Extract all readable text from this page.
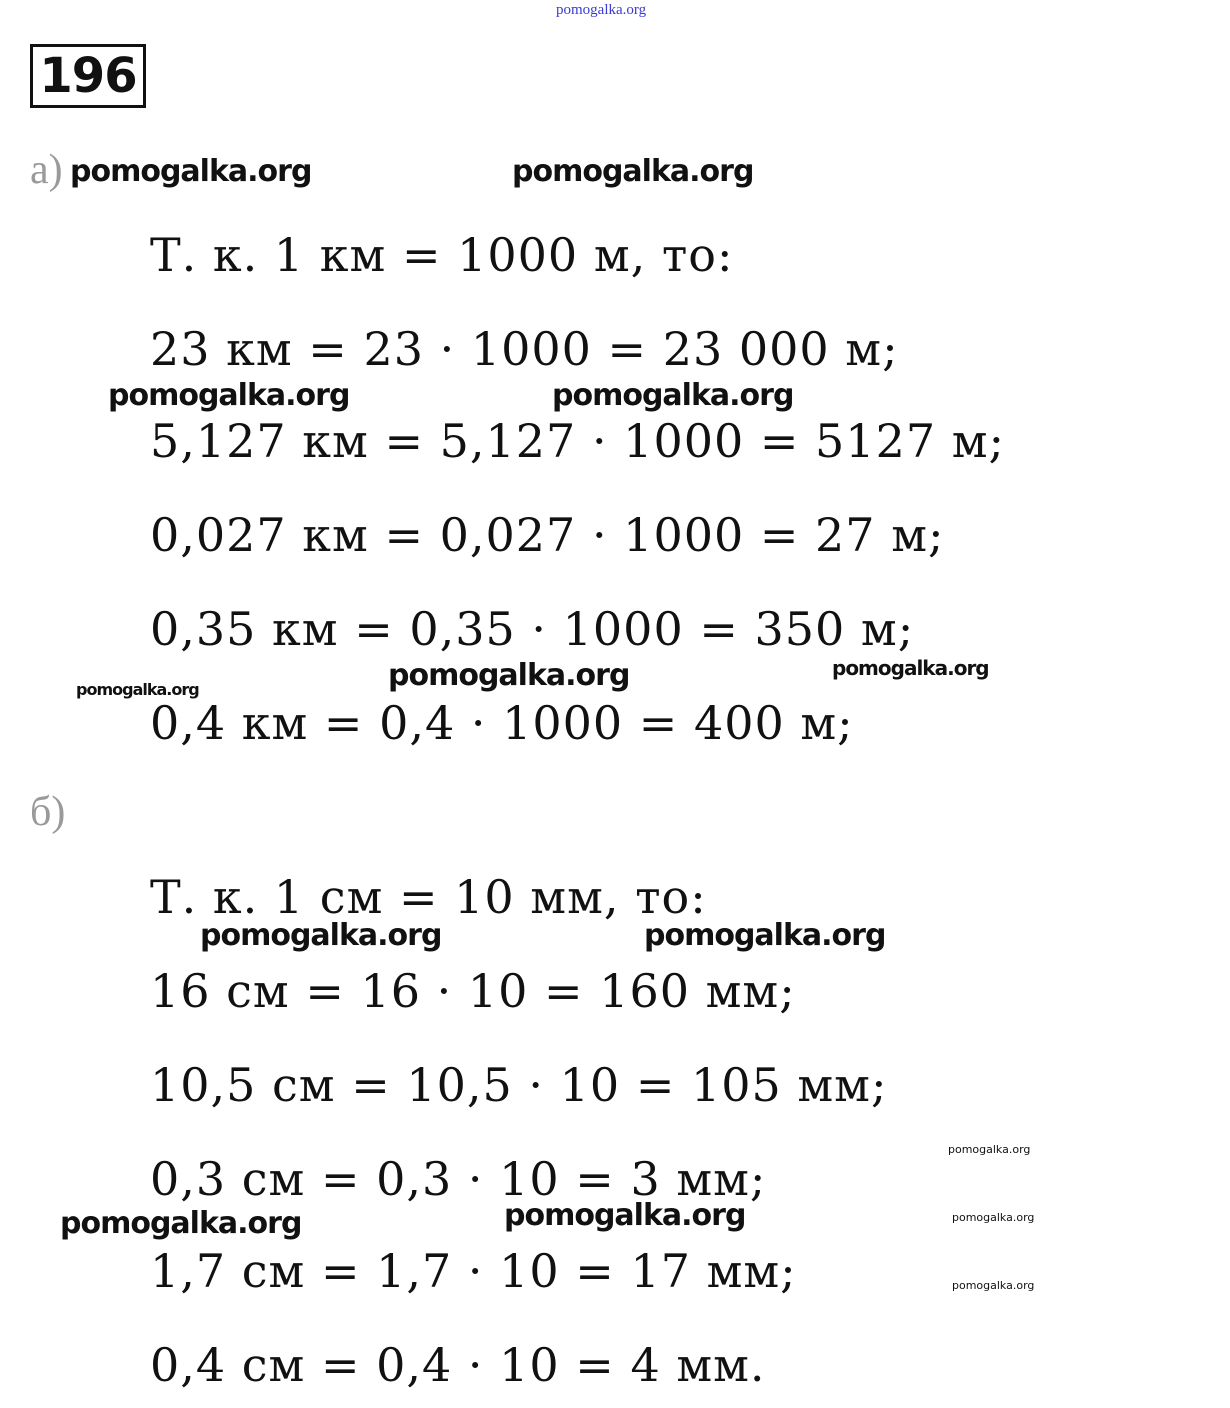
pomogalka.org
196
а)
Т. к. 1 км = 1000 м, то:
23 км = 23 · 1000 = 23 000 м;
5,127 км = 5,127 · 1000 = 5127 м;
0,027 км = 0,027 · 1000 = 27 м;
0,35 км = 0,35 · 1000 = 350 м;
0,4 км = 0,4 · 1000 = 400 м;
б)
Т. к. 1 см = 10 мм, то:
16 см = 16 · 10 = 160 мм;
10,5 см = 10,5 · 10 = 105 мм;
0,3 см = 0,3 · 10 = 3 мм;
1,7 см = 1,7 · 10 = 17 мм;
0,4 см = 0,4 · 10 = 4 мм.
pomogalka.org	pomogalka.org
pomogalka.org	pomogalka.org
pomogalka.org	pomogalka.org	pomogalka.org
pomogalka.org	pomogalka.org
pomogalka.org
pomogalka.org	pomogalka.org	pomogalka.org
pomogalka.org
